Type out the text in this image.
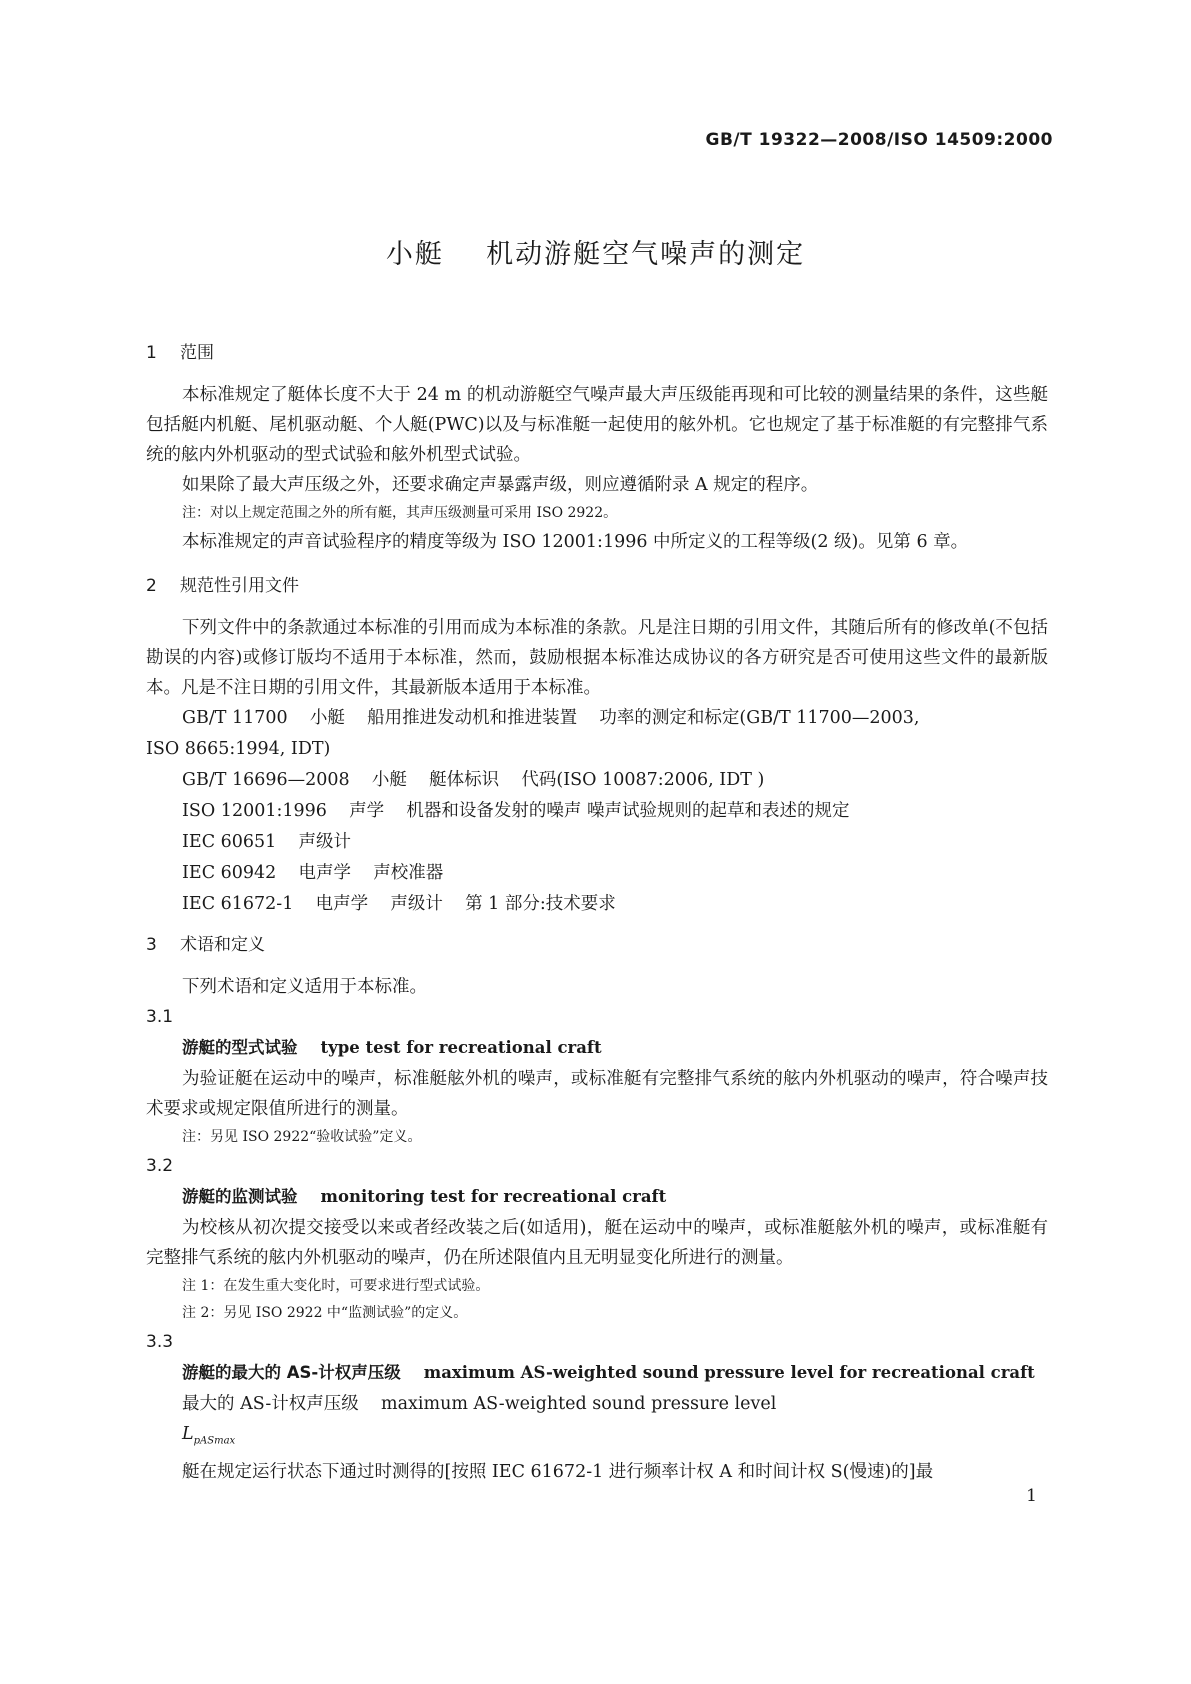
GB/T 19322—2008/ISO 14509:2000
小艇    机动游艇空气噪声的测定
1 范围

本标准规定了艇体长度不大于 24 m 的机动游艇空气噪声最大声压级能再现和可比较的测量结果的条件，这些艇包括艇内机艇、尾机驱动艇、个人艇(PWC)以及与标准艇一起使用的舷外机。它也规定了基于标准艇的有完整排气系统的舷内外机驱动的型式试验和舷外机型式试验。

如果除了最大声压级之外，还要求确定声暴露声级，则应遵循附录 A 规定的程序。

注：对以上规定范围之外的所有艇，其声压级测量可采用 ISO 2922。

本标准规定的声音试验程序的精度等级为 ISO 12001:1996 中所定义的工程等级(2 级)。见第 6 章。

2 规范性引用文件

下列文件中的条款通过本标准的引用而成为本标准的条款。凡是注日期的引用文件，其随后所有的修改单(不包括勘误的内容)或修订版均不适用于本标准，然而，鼓励根据本标准达成协议的各方研究是否可使用这些文件的最新版本。凡是不注日期的引用文件，其最新版本适用于本标准。

GB/T 11700    小艇    船用推进发动机和推进装置    功率的测定和标定(GB/T 11700—2003,

ISO 8665:1994, IDT)

GB/T 16696—2008    小艇    艇体标识    代码(ISO 10087:2006, IDT )

ISO 12001:1996    声学    机器和设备发射的噪声 噪声试验规则的起草和表述的规定

IEC 60651    声级计

IEC 60942    电声学    声校准器

IEC 61672-1    电声学    声级计    第 1 部分:技术要求

3 术语和定义

下列术语和定义适用于本标准。

3.1

游艇的型式试验 type test for recreational craft

为验证艇在运动中的噪声，标准艇舷外机的噪声，或标准艇有完整排气系统的舷内外机驱动的噪声，符合噪声技术要求或规定限值所进行的测量。

注：另见 ISO 2922“验收试验”定义。

3.2

游艇的监测试验 monitoring test for recreational craft

为校核从初次提交接受以来或者经改装之后(如适用)，艇在运动中的噪声，或标准艇舷外机的噪声，或标准艇有完整排气系统的舷内外机驱动的噪声，仍在所述限值内且无明显变化所进行的测量。

注 1：在发生重大变化时，可要求进行型式试验。

注 2：另见 ISO 2922 中“监测试验”的定义。

3.3

游艇的最大的 AS-计权声压级 maximum AS-weighted sound pressure level for recreational craft

最大的 AS-计权声压级    maximum AS-weighted sound pressure level

$L_{pASmax}$

艇在规定运行状态下通过时测得的[按照 IEC 61672-1 进行频率计权 A 和时间计权 S(慢速)的]最

1
